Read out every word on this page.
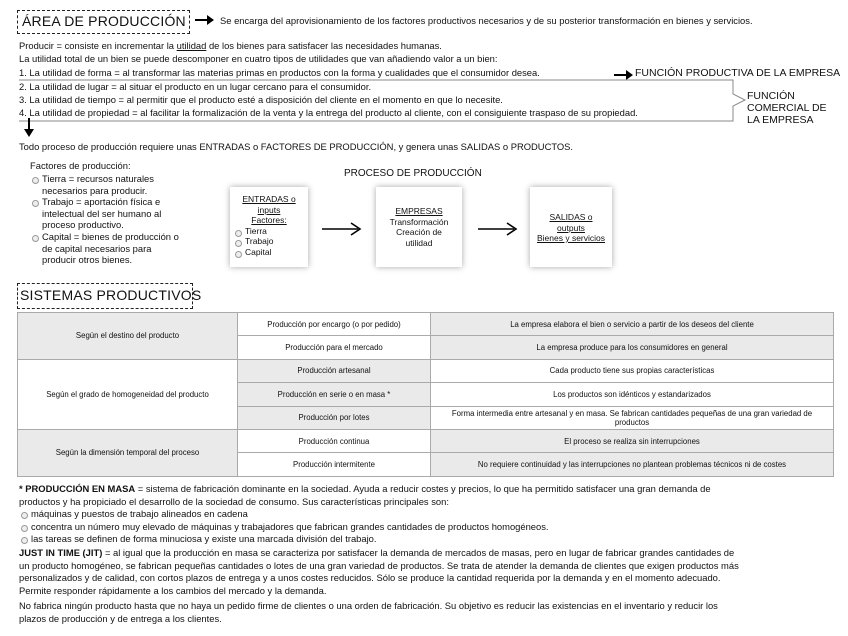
ÁREA DE PRODUCCIÓN	Se encarga del aprovisionamiento de los factores productivos necesarios y de su posterior transformación en bienes y servicios.
Producir = consiste en incrementar la utilidad de los bienes para satisfacer las necesidades humanas.
La utilidad total de un bien se puede descomponer en cuatro tipos de utilidades que van añadiendo valor a un bien:
1. La utilidad de forma = al transformar las materias primas en productos con la forma y cualidades que el consumidor desea.	FUNCIÓN PRODUCTIVA DE LA EMPRESA
2. La utilidad de lugar = al situar el producto en un lugar cercano para el consumidor.
3. La utilidad de tiempo = al permitir que el producto esté a disposición del cliente en el momento en que lo necesite.
4. La utilidad de propiedad = al facilitar la formalización de la venta y la entrega del producto al cliente, con el consiguiente traspaso de su propiedad.
FUNCIÓN
COMERCIAL DE
LA EMPRESA
Todo proceso de producción requiere unas ENTRADAS o FACTORES DE PRODUCCIÓN, y genera unas SALIDAS o PRODUCTOS.
Factores de producción:
Tierra = recursos naturales
necesarios para producir.
Trabajo = aportación física e
intelectual del ser humano al
proceso productivo.
Capital = bienes de producción o
de capital necesarios para
producir otros bienes.
PROCESO DE PRODUCCIÓN
ENTRADAS o
inputs
Factores:
Tierra
Trabajo
Capital
EMPRESAS
Transformación
Creación de
utilidad
SALIDAS o
outputs
Bienes y servicios
SISTEMAS PRODUCTIVOS
Según el destino del producto	Producción por encargo (o por pedido)	La empresa elabora el bien o servicio a partir de los deseos del cliente
	Producción para el mercado	La empresa produce para los consumidores en general
Según el grado de homogeneidad del producto	Producción artesanal	Cada producto tiene sus propias características
	Producción en serie o en masa *	Los productos son idénticos y estandarizados
	Producción por lotes	Forma intermedia entre artesanal y en masa. Se fabrican cantidades pequeñas de una gran variedad de productos
Según la dimensión temporal del proceso	Producción continua	El proceso se realiza sin interrupciones
	Producción intermitente	No requiere continuidad y las interrupciones no plantean problemas técnicos ni de costes
* PRODUCCIÓN EN MASA = sistema de fabricación dominante en la sociedad. Ayuda a reducir costes y precios, lo que ha permitido satisfacer una gran demanda de
productos y ha propiciado el desarrollo de la sociedad de consumo. Sus características principales son:
máquinas y puestos de trabajo alineados en cadena
concentra un número muy elevado de máquinas y trabajadores que fabrican grandes cantidades de productos homogéneos.
las tareas se definen de forma minuciosa y existe una marcada división del trabajo.
JUST IN TIME (JIT) = al igual que la producción en masa se caracteriza por satisfacer la demanda de mercados de masas, pero en lugar de fabricar grandes cantidades de
un producto homogéneo, se fabrican pequeñas cantidades o lotes de una gran variedad de productos. Se trata de atender la demanda de clientes que exigen productos más
personalizados y de calidad, con cortos plazos de entrega y a unos costes reducidos. Sólo se produce la cantidad requerida por la demanda y en el momento adecuado.
Permite responder rápidamente a los cambios del mercado y la demanda.
No fabrica ningún producto hasta que no haya un pedido firme de clientes o una orden de fabricación. Su objetivo es reducir las existencias en el inventario y reducir los
plazos de producción y de entrega a los clientes.
